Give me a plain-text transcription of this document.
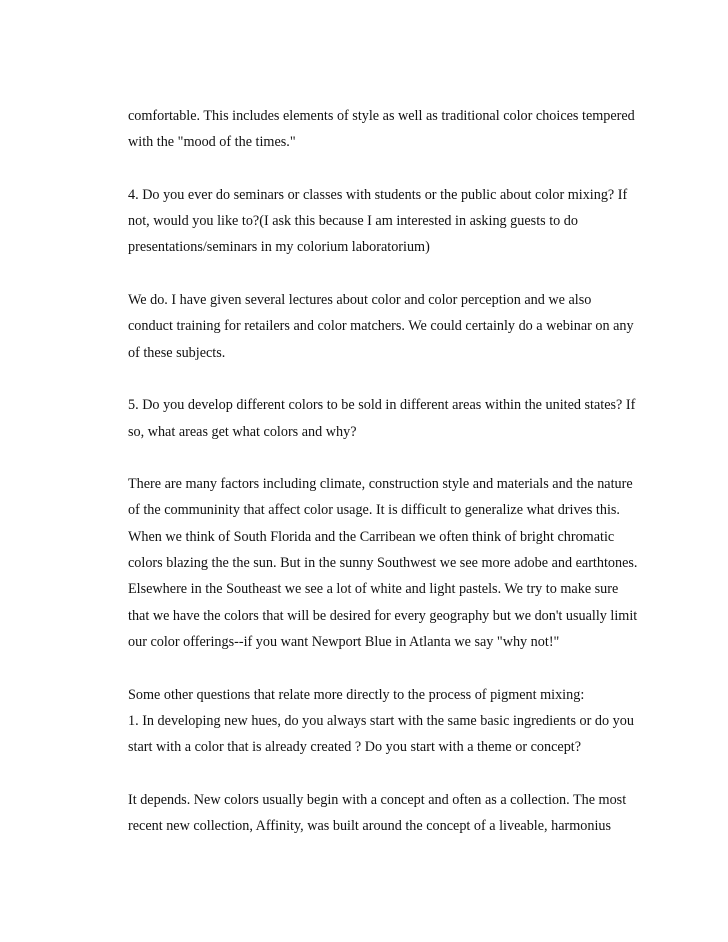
comfortable. This includes elements of style as well as traditional color choices tempered
with the "mood of the times."
4. Do you ever do seminars or classes with students or the public about color mixing? If
not, would you like to?(I ask this because I am interested in asking guests to do
presentations/seminars in my colorium laboratorium)
We do. I have given several lectures about color and color perception and we also
conduct training for retailers and color matchers. We could certainly do a webinar on any
of these subjects.
5. Do you develop different colors to be sold in different areas within the united states? If
so, what areas get what colors and why?
There are many factors including climate, construction style and materials and the nature
of the communinity that affect color usage. It is difficult to generalize what drives this.
When we think of South Florida and the Carribean we often think of bright chromatic
colors blazing the the sun. But in the sunny Southwest we see more adobe and earthtones.
Elsewhere in the Southeast we see a lot of white and light pastels. We try to make sure
that we have the colors that will be desired for every geography but we don't usually limit
our color offerings--if you want Newport Blue in Atlanta we say "why not!"
Some other questions that relate more directly to the process of pigment mixing:
1. In developing new hues, do you always start with the same basic ingredients or do you
start with a color that is already created ? Do you start with a theme or concept?
It depends. New colors usually begin with a concept and often as a collection. The most
recent new collection, Affinity, was built around the concept of a liveable, harmonius
